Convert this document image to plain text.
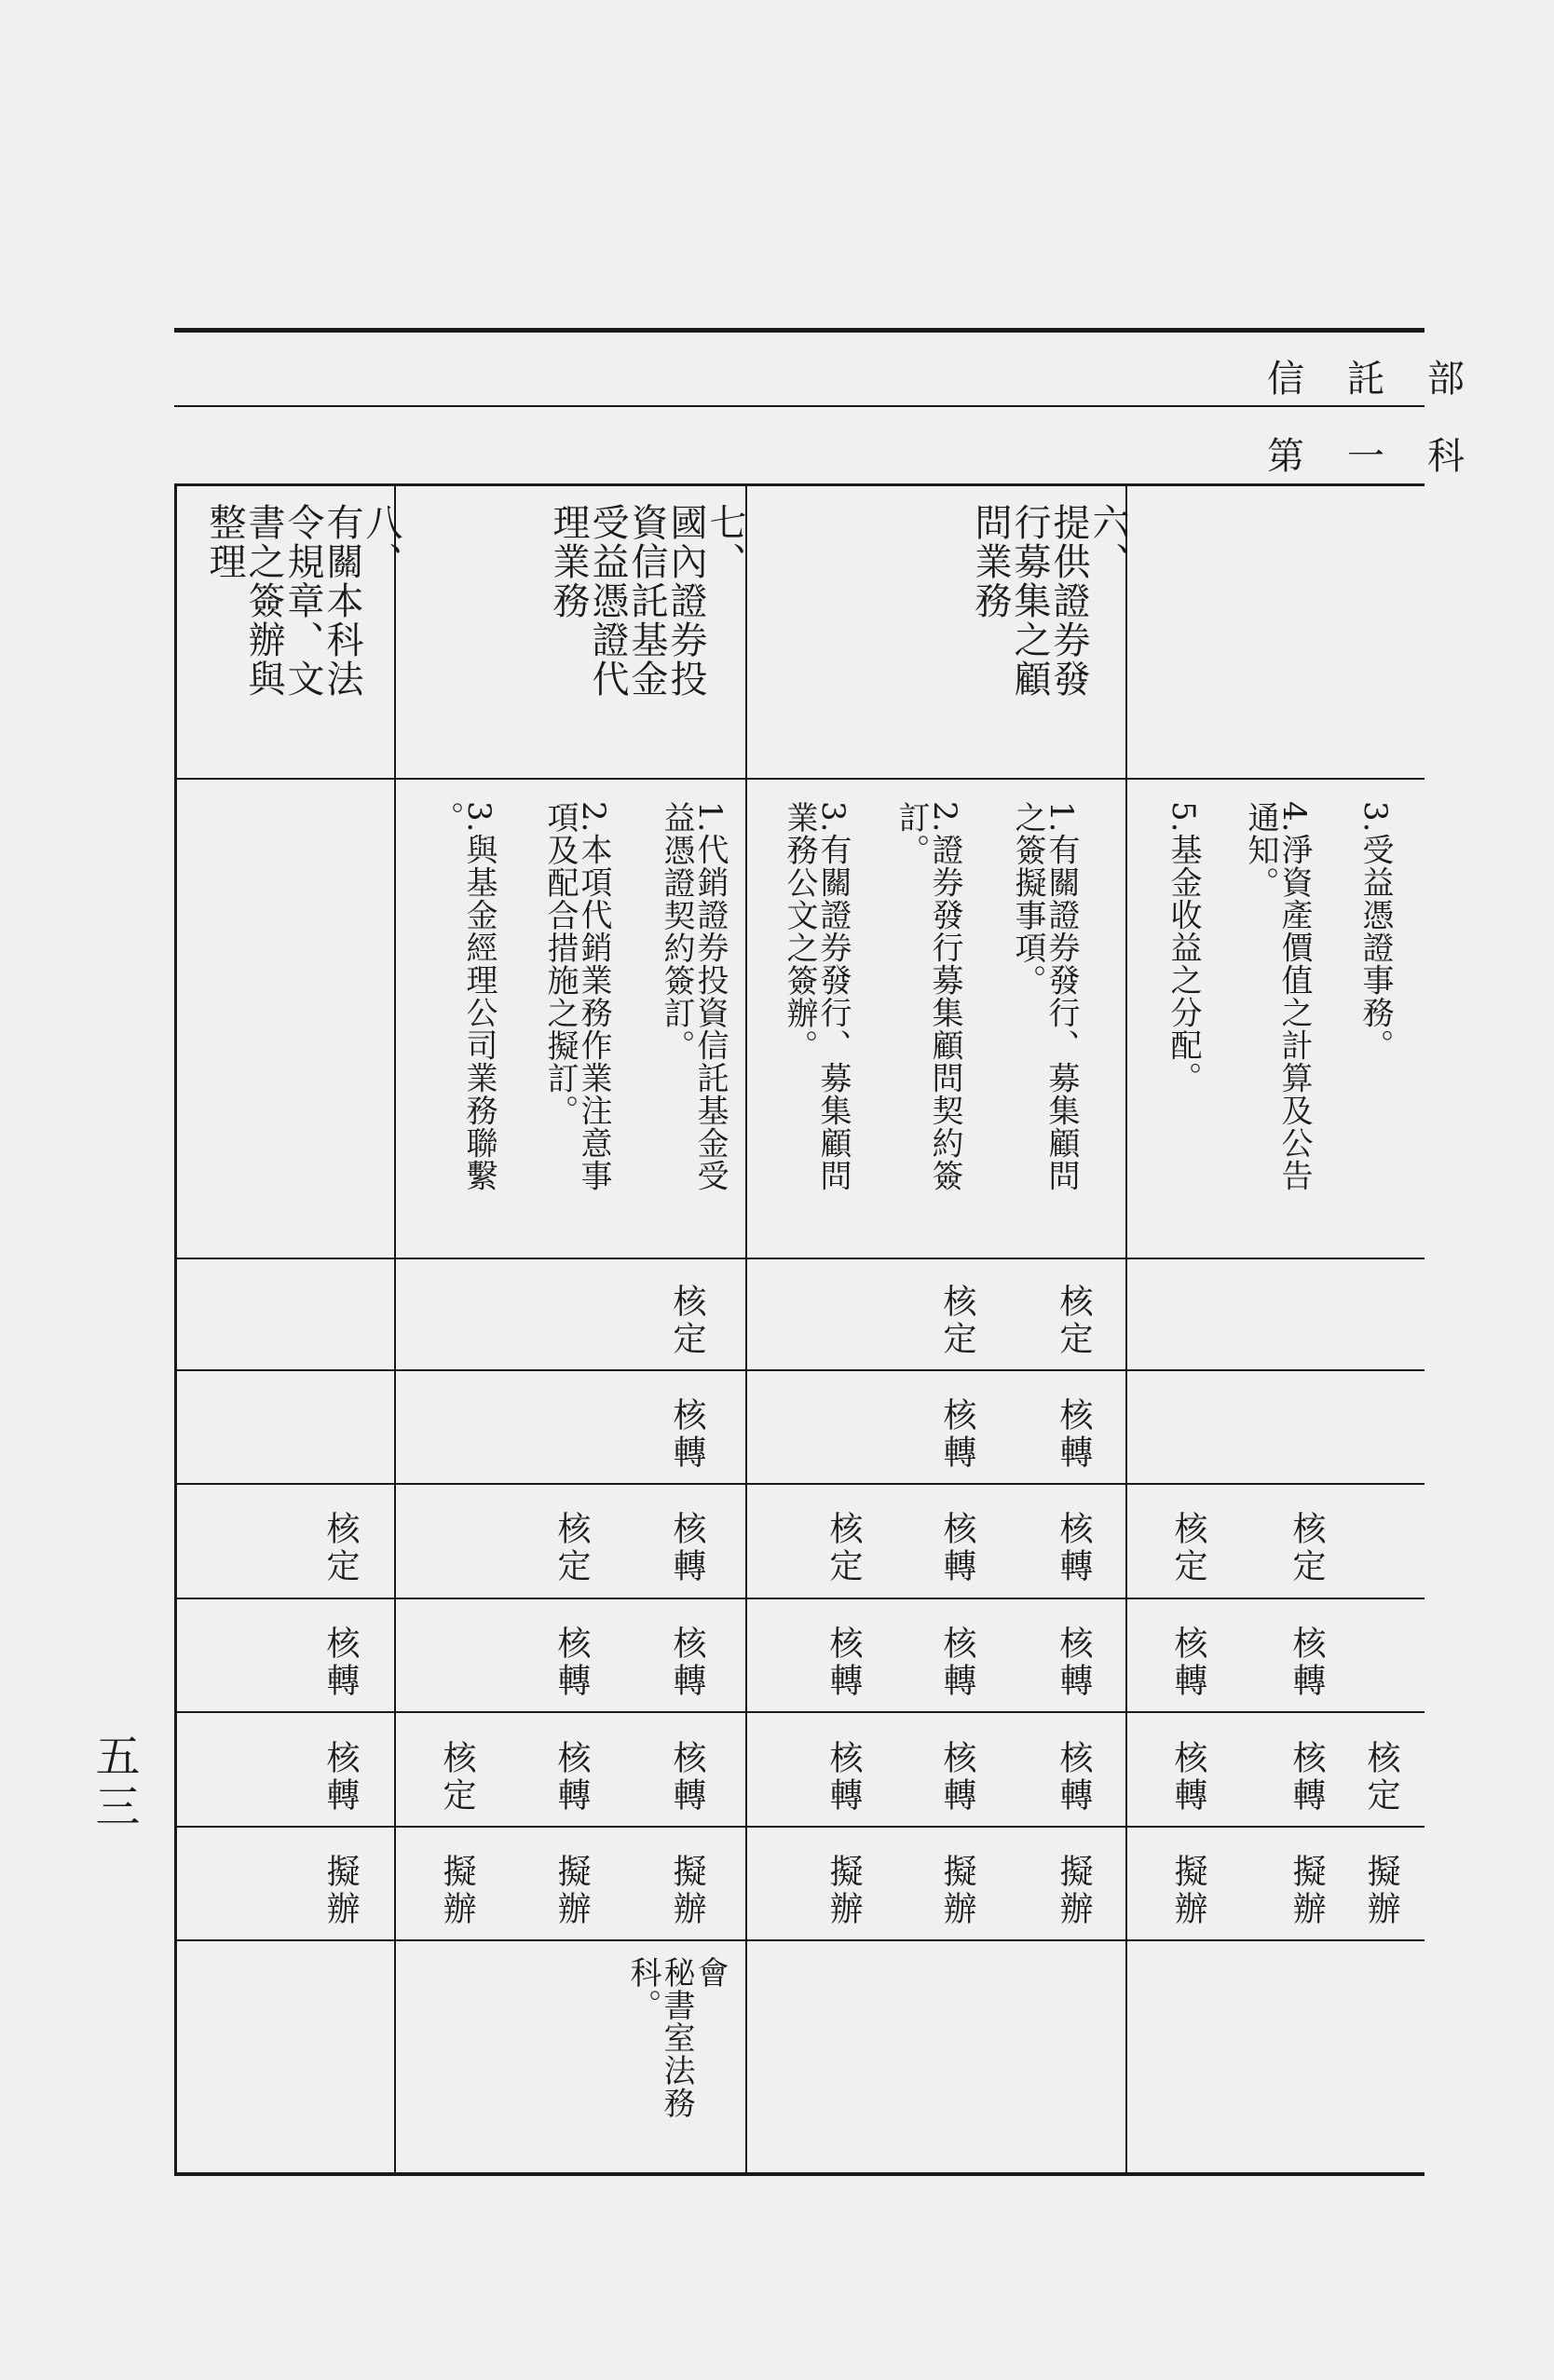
信託部
第一科
五三
六、
提供證券發
行募集之顧
問業務
七、
國內證券投
資信託基金
受益憑證代
理業務
八、
有關本科法
令規章、文
書之簽辦與
整理
3.受益憑證事務。
4.淨資產價值之計算及公告
通知。
5.基金收益之分配。
1.有關證券發行、募集顧問
之簽擬事項。
2.證券發行募集顧問契約簽
訂。
3.有關證券發行、募集顧問
業務公文之簽辦。
1.代銷證券投資信託基金受
益憑證契約簽訂。
2.本項代銷業務作業注意事
項及配合措施之擬訂。
3.與基金經理公司業務聯繫
。
核定
擬辦
核定
核轉
核轉
擬辦
核定
核轉
核轉
擬辦
核定
核轉
核轉
核轉
核轉
擬辦
核定
核轉
核轉
核轉
核轉
擬辦
核定
核轉
核轉
擬辦
核定
核轉
核轉
核轉
核轉
擬辦
核定
核轉
核轉
擬辦
核定
擬辦
核定
核轉
核轉
擬辦
會
秘書室法務
科。
